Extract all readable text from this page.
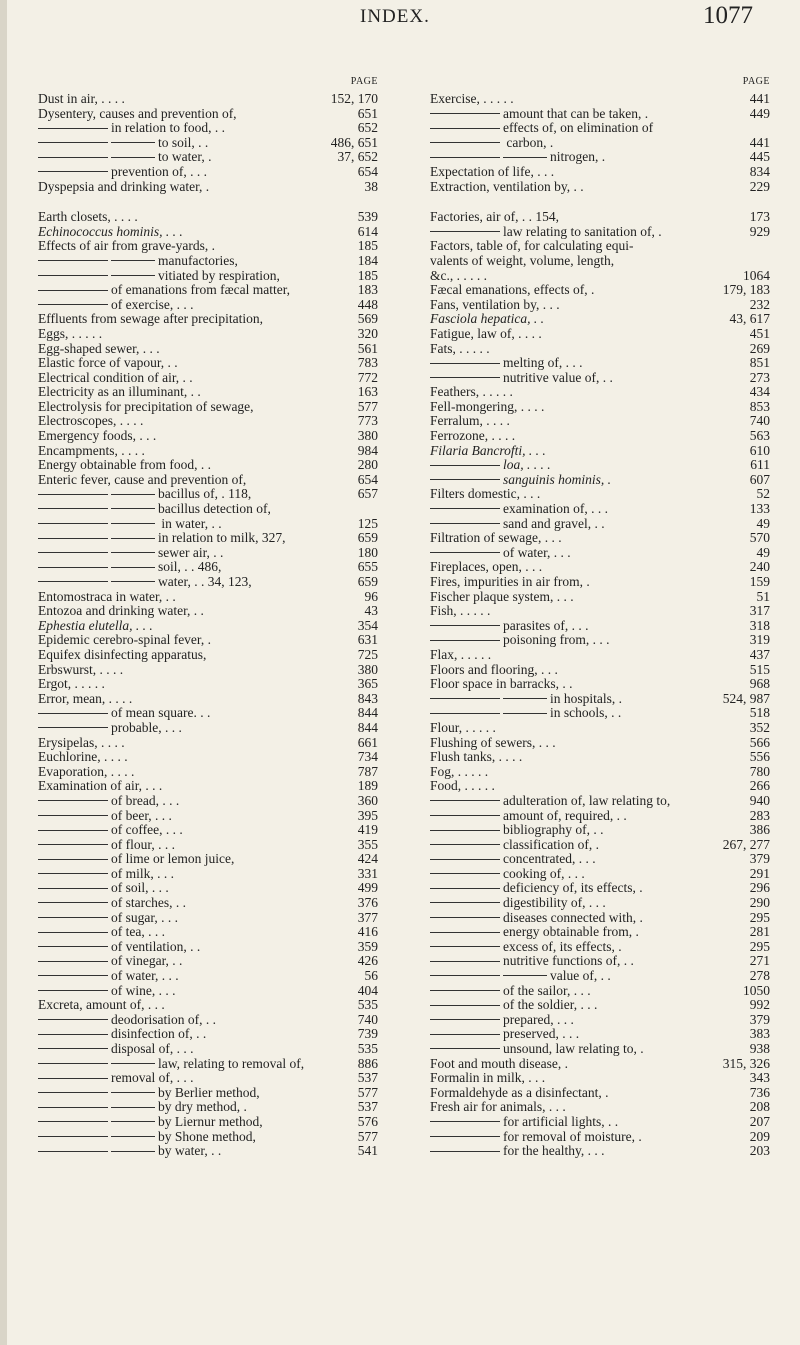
INDEX.	1077
PAGE
Dust in air, . . . .	152, 170
Dysentery, causes and prevention of,	651
in relation to food, . .	652
to soil, . .	486, 651
to water, .	37, 652
prevention of, . . .	654
Dyspepsia and drinking water, .	38
Earth closets, . . . .	539
Echinococcus hominis, . . .	614
Effects of air from grave-yards, .	185
manufactories,	184
vitiated by respiration,	185
of emanations from fæcal matter,	183
of exercise, . . .	448
Effluents from sewage after precipitation,	569
Eggs, . . . . .	320
Egg-shaped sewer, . . .	561
Elastic force of vapour, . .	783
Electrical condition of air, . .	772
Electricity as an illuminant, . .	163
Electrolysis for precipitation of sewage,	577
Electroscopes, . . . .	773
Emergency foods, . . .	380
Encampments, . . . .	984
Energy obtainable from food, . .	280
Enteric fever, cause and prevention of,	654
bacillus of, . 118,	657
bacillus detection of,
in water, . .	125
in relation to milk, 327,	659
sewer air, . .	180
soil, . . 486,	655
water, . . 34, 123,	659
Entomostraca in water, . .	96
Entozoa and drinking water, . .	43
Ephestia elutella, . . .	354
Epidemic cerebro-spinal fever, .	631
Equifex disinfecting apparatus,	725
Erbswurst, . . . .	380
Ergot, . . . . .	365
Error, mean, . . . .	843
of mean square. . .	844
probable, . . .	844
Erysipelas, . . . .	661
Euchlorine, . . . .	734
Evaporation, . . . .	787
Examination of air, . . .	189
of bread, . . .	360
of beer, . . .	395
of coffee, . . .	419
of flour, . . .	355
of lime or lemon juice,	424
of milk, . . .	331
of soil, . . .	499
of starches, . .	376
of sugar, . . .	377
of tea, . . .	416
of ventilation, . .	359
of vinegar, . .	426
of water, . . .	56
of wine, . . .	404
Excreta, amount of, . . .	535
deodorisation of, . .	740
disinfection of, . .	739
disposal of, . . .	535
law, relating to removal of,	886
removal of, . . .	537
by Berlier method,	577
by dry method, .	537
by Liernur method,	576
by Shone method,	577
by water, . .	541
PAGE
Exercise, . . . . .	441
amount that can be taken, .	449
effects of, on elimination of
carbon, .	441
nitrogen, .	445
Expectation of life, . . .	834
Extraction, ventilation by, . .	229
Factories, air of, . . 154,	173
law relating to sanitation of, .	929
Factors, table of, for calculating equi-
valents of weight, volume, length,
&c., . . . . .	1064
Fæcal emanations, effects of, .	179, 183
Fans, ventilation by, . . .	232
Fasciola hepatica, . .	43, 617
Fatigue, law of, . . . .	451
Fats, . . . . .	269
melting of, . . .	851
nutritive value of, . .	273
Feathers, . . . . .	434
Fell-mongering, . . . .	853
Ferralum, . . . .	740
Ferrozone, . . . .	563
Filaria Bancrofti, . . .	610
loa, . . . .	611
sanguinis hominis, .	607
Filters domestic, . . .	52
examination of, . . .	133
sand and gravel, . .	49
Filtration of sewage, . . .	570
of water, . . .	49
Fireplaces, open, . . .	240
Fires, impurities in air from, .	159
Fischer plaque system, . . .	51
Fish, . . . . .	317
parasites of, . . .	318
poisoning from, . . .	319
Flax, . . . . .	437
Floors and flooring, . . .	515
Floor space in barracks, . .	968
in hospitals, .	524, 987
in schools, . .	518
Flour, . . . . .	352
Flushing of sewers, . . .	566
Flush tanks, . . . .	556
Fog, . . . . .	780
Food, . . . . .	266
adulteration of, law relating to,	940
amount of, required, . .	283
bibliography of, . .	386
classification of, .	267, 277
concentrated, . . .	379
cooking of, . . .	291
deficiency of, its effects, .	296
digestibility of, . . .	290
diseases connected with, .	295
energy obtainable from, .	281
excess of, its effects, .	295
nutritive functions of, . .	271
value of, . .	278
of the sailor, . . .	1050
of the soldier, . . .	992
prepared, . . .	379
preserved, . . .	383
unsound, law relating to, .	938
Foot and mouth disease, .	315, 326
Formalin in milk, . . .	343
Formaldehyde as a disinfectant, .	736
Fresh air for animals, . . .	208
for artificial lights, . .	207
for removal of moisture, .	209
for the healthy, . . .	203
